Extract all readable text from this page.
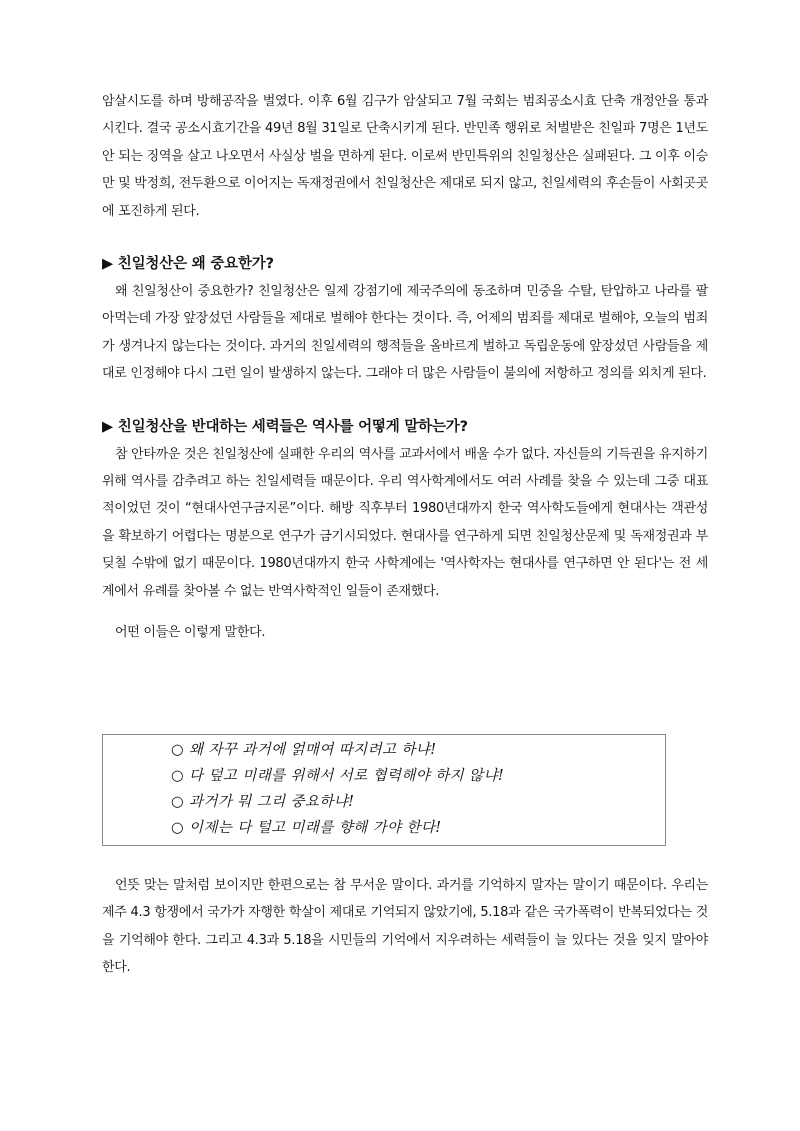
암살시도를 하며 방해공작을 벌였다. 이후 6월 김구가 암살되고 7월 국회는 범죄공소시효 단축 개정안을 통과시킨다. 결국 공소시효기간을 49년 8월 31일로 단축시키게 된다. 반민족 행위로 처벌받은 친일파 7명은 1년도 안 되는 징역을 살고 나오면서 사실상 벌을 면하게 된다. 이로써 반민특위의 친일청산은 실패된다. 그 이후 이승만 및 박정희, 전두환으로 이어지는 독재정권에서 친일청산은 제대로 되지 않고, 친일세력의 후손들이 사회곳곳에 포진하게 된다.

▶ 친일청산은 왜 중요한가?

왜 친일청산이 중요한가? 친일청산은 일제 강점기에 제국주의에 동조하며 민중을 수탈, 탄압하고 나라를 팔아먹는데 가장 앞장섰던 사람들을 제대로 벌해야 한다는 것이다. 즉, 어제의 범죄를 제대로 벌해야, 오늘의 범죄가 생겨나지 않는다는 것이다. 과거의 친일세력의 행적들을 올바르게 벌하고 독립운동에 앞장섰던 사람들을 제대로 인정해야 다시 그런 일이 발생하지 않는다. 그래야 더 많은 사람들이 불의에 저항하고 정의를 외치게 된다.

▶ 친일청산을 반대하는 세력들은 역사를 어떻게 말하는가?

참 안타까운 것은 친일청산에 실패한 우리의 역사를 교과서에서 배울 수가 없다. 자신들의 기득권을 유지하기 위해 역사를 감추려고 하는 친일세력들 때문이다. 우리 역사학계에서도 여러 사례를 찾을 수 있는데 그중 대표적이었던 것이 “현대사연구금지론”이다. 해방 직후부터 1980년대까지 한국 역사학도들에게 현대사는 객관성을 확보하기 어렵다는 명분으로 연구가 금기시되었다. 현대사를 연구하게 되면 친일청산문제 및 독재정권과 부딪칠 수밖에 없기 때문이다. 1980년대까지 한국 사학계에는 '역사학자는 현대사를 연구하면 안 된다'는 전 세계에서 유례를 찾아볼 수 없는 반역사학적인 일들이 존재했다.

어떤 이들은 이렇게 말한다.

○ 왜 자꾸 과거에 얽매여 따지려고 하냐!
○ 다 덮고 미래를 위해서 서로 협력해야 하지 않냐!
○ 과거가 뭐 그리 중요하냐!
○ 이제는 다 털고 미래를 향해 가야 한다!

언뜻 맞는 말처럼 보이지만 한편으로는 참 무서운 말이다. 과거를 기억하지 말자는 말이기 때문이다. 우리는 제주 4.3 항쟁에서 국가가 자행한 학살이 제대로 기억되지 않았기에, 5.18과 같은 국가폭력이 반복되었다는 것을 기억해야 한다. 그리고 4.3과 5.18을 시민들의 기억에서 지우려하는 세력들이 늘 있다는 것을 잊지 말아야 한다.
